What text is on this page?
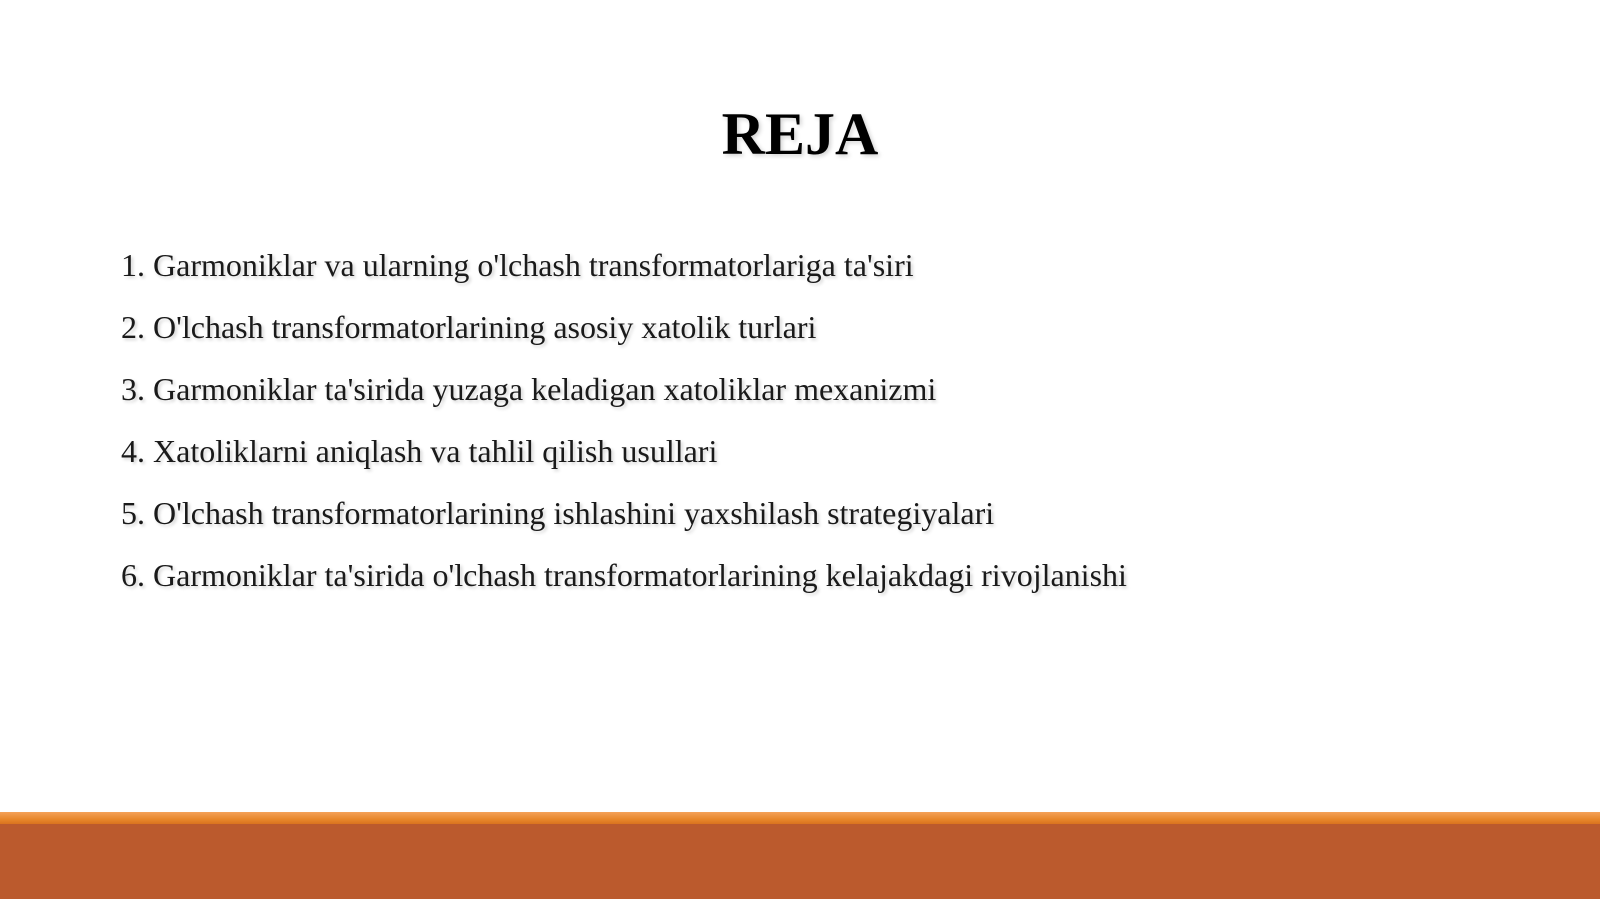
REJA
1. Garmoniklar va ularning o'lchash transformatorlariga ta'siri
2. O'lchash transformatorlarining asosiy xatolik turlari
3. Garmoniklar ta'sirida yuzaga keladigan xatoliklar mexanizmi
4. Xatoliklarni aniqlash va tahlil qilish usullari
5. O'lchash transformatorlarining ishlashini yaxshilash strategiyalari
6. Garmoniklar ta'sirida o'lchash transformatorlarining kelajakdagi rivojlanishi
